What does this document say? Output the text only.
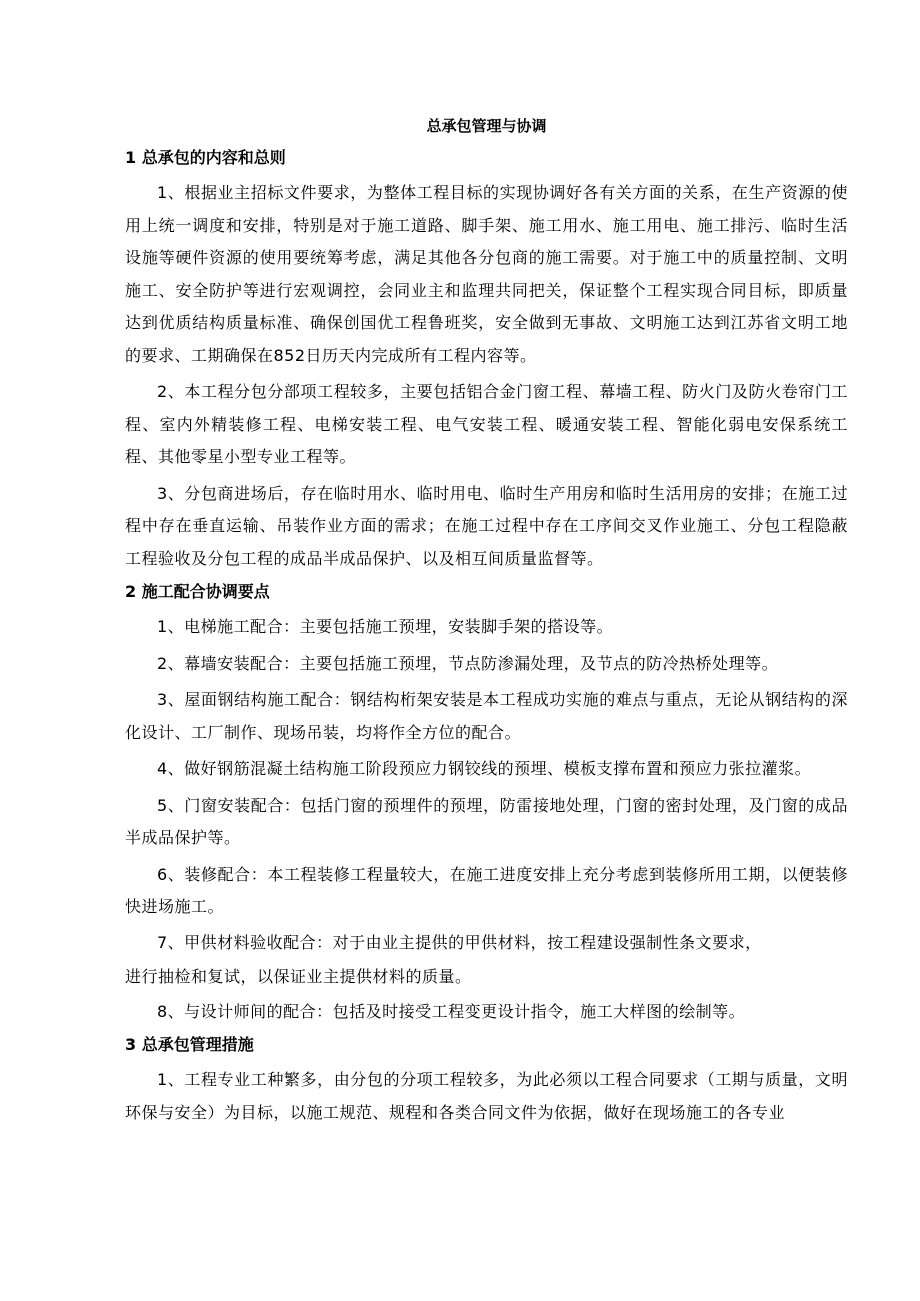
总承包管理与协调
1 总承包的内容和总则

1、根据业主招标文件要求，为整体工程目标的实现协调好各有关方面的关系，在生产资源的使用上统一调度和安排，特别是对于施工道路、脚手架、施工用水、施工用电、施工排污、临时生活设施等硬件资源的使用要统筹考虑，满足其他各分包商的施工需要。对于施工中的质量控制、文明施工、安全防护等进行宏观调控，会同业主和监理共同把关，保证整个工程实现合同目标，即质量达到优质结构质量标准、确保创国优工程鲁班奖，安全做到无事故、文明施工达到江苏省文明工地的要求、工期确保在852日历天内完成所有工程内容等。

2、本工程分包分部项工程较多，主要包括铝合金门窗工程、幕墙工程、防火门及防火卷帘门工程、室内外精装修工程、电梯安装工程、电气安装工程、暖通安装工程、智能化弱电安保系统工程、其他零星小型专业工程等。

3、分包商进场后，存在临时用水、临时用电、临时生产用房和临时生活用房的安排；在施工过程中存在垂直运输、吊装作业方面的需求；在施工过程中存在工序间交叉作业施工、分包工程隐蔽工程验收及分包工程的成品半成品保护、以及相互间质量监督等。

2 施工配合协调要点

1、电梯施工配合：主要包括施工预埋，安装脚手架的搭设等。

2、幕墙安装配合：主要包括施工预埋，节点防渗漏处理，及节点的防冷热桥处理等。

3、屋面钢结构施工配合：钢结构桁架安装是本工程成功实施的难点与重点，无论从钢结构的深化设计、工厂制作、现场吊装，均将作全方位的配合。

4、做好钢筋混凝土结构施工阶段预应力钢铰线的预埋、模板支撑布置和预应力张拉灌浆。

5、门窗安装配合：包括门窗的预埋件的预埋，防雷接地处理，门窗的密封处理，及门窗的成品半成品保护等。

6、装修配合：本工程装修工程量较大，在施工进度安排上充分考虑到装修所用工期，以便装修快进场施工。

7、甲供材料验收配合：对于由业主提供的甲供材料，按工程建设强制性条文要求，

进行抽检和复试，以保证业主提供材料的质量。

8、与设计师间的配合：包括及时接受工程变更设计指令，施工大样图的绘制等。

3 总承包管理措施

1、工程专业工种繁多，由分包的分项工程较多，为此必须以工程合同要求（工期与质量，文明环保与安全）为目标，以施工规范、规程和各类合同文件为依据，做好在现场施工的各专业
